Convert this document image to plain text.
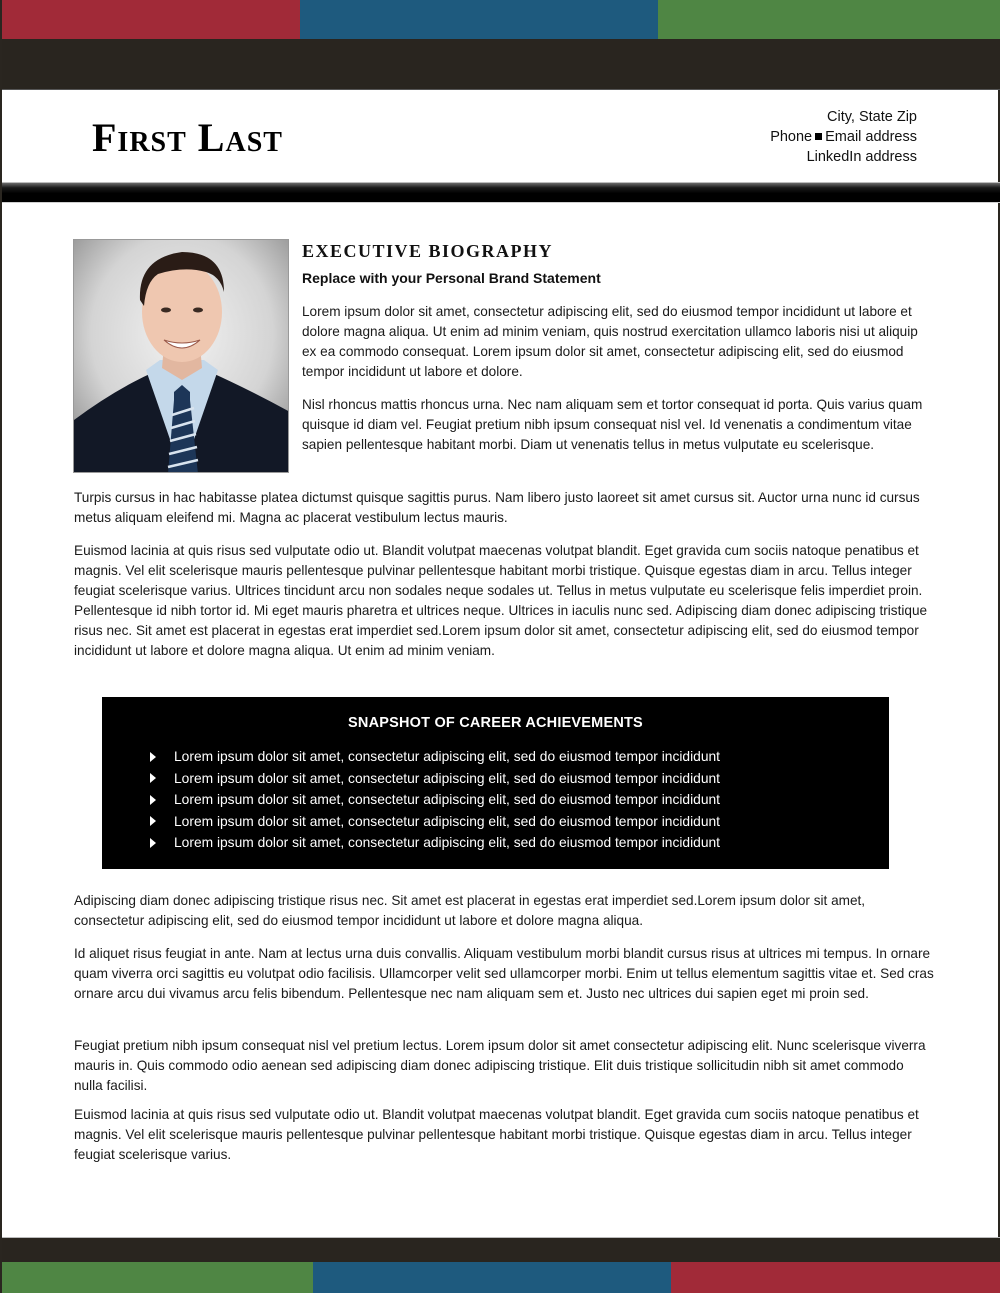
First Last	City, State Zip
Phone Email address
LinkedIn address
EXECUTIVE BIOGRAPHY
Replace with your Personal Brand Statement

Lorem ipsum dolor sit amet, consectetur adipiscing elit, sed do eiusmod tempor incididunt ut labore et dolore magna aliqua. Ut enim ad minim veniam, quis nostrud exercitation ullamco laboris nisi ut aliquip ex ea commodo consequat. Lorem ipsum dolor sit amet, consectetur adipiscing elit, sed do eiusmod tempor incididunt ut labore et dolore.

Nisl rhoncus mattis rhoncus urna. Nec nam aliquam sem et tortor consequat id porta. Quis varius quam quisque id diam vel. Feugiat pretium nibh ipsum consequat nisl vel. Id venenatis a condimentum vitae sapien pellentesque habitant morbi. Diam ut venenatis tellus in metus vulputate eu scelerisque.

Turpis cursus in hac habitasse platea dictumst quisque sagittis purus. Nam libero justo laoreet sit amet cursus sit. Auctor urna nunc id cursus metus aliquam eleifend mi. Magna ac placerat vestibulum lectus mauris.

Euismod lacinia at quis risus sed vulputate odio ut. Blandit volutpat maecenas volutpat blandit. Eget gravida cum sociis natoque penatibus et magnis. Vel elit scelerisque mauris pellentesque pulvinar pellentesque habitant morbi tristique. Quisque egestas diam in arcu. Tellus integer feugiat scelerisque varius. Ultrices tincidunt arcu non sodales neque sodales ut. Tellus in metus vulputate eu scelerisque felis imperdiet proin. Pellentesque id nibh tortor id. Mi eget mauris pharetra et ultrices neque. Ultrices in iaculis nunc sed. Adipiscing diam donec adipiscing tristique risus nec. Sit amet est placerat in egestas erat imperdiet sed.Lorem ipsum dolor sit amet, consectetur adipiscing elit, sed do eiusmod tempor incididunt ut labore et dolore magna aliqua. Ut enim ad minim veniam.

SNAPSHOT OF CAREER ACHIEVEMENTS
Lorem ipsum dolor sit amet, consectetur adipiscing elit, sed do eiusmod tempor incididunt
Lorem ipsum dolor sit amet, consectetur adipiscing elit, sed do eiusmod tempor incididunt
Lorem ipsum dolor sit amet, consectetur adipiscing elit, sed do eiusmod tempor incididunt
Lorem ipsum dolor sit amet, consectetur adipiscing elit, sed do eiusmod tempor incididunt
Lorem ipsum dolor sit amet, consectetur adipiscing elit, sed do eiusmod tempor incididunt

Adipiscing diam donec adipiscing tristique risus nec. Sit amet est placerat in egestas erat imperdiet sed.Lorem ipsum dolor sit amet, consectetur adipiscing elit, sed do eiusmod tempor incididunt ut labore et dolore magna aliqua.

Id aliquet risus feugiat in ante. Nam at lectus urna duis convallis. Aliquam vestibulum morbi blandit cursus risus at ultrices mi tempus. In ornare quam viverra orci sagittis eu volutpat odio facilisis. Ullamcorper velit sed ullamcorper morbi. Enim ut tellus elementum sagittis vitae et. Sed cras ornare arcu dui vivamus arcu felis bibendum. Pellentesque nec nam aliquam sem et. Justo nec ultrices dui sapien eget mi proin sed.

Feugiat pretium nibh ipsum consequat nisl vel pretium lectus. Lorem ipsum dolor sit amet consectetur adipiscing elit. Nunc scelerisque viverra mauris in. Quis commodo odio aenean sed adipiscing diam donec adipiscing tristique. Elit duis tristique sollicitudin nibh sit amet commodo nulla facilisi.

Euismod lacinia at quis risus sed vulputate odio ut. Blandit volutpat maecenas volutpat blandit. Eget gravida cum sociis natoque penatibus et magnis. Vel elit scelerisque mauris pellentesque pulvinar pellentesque habitant morbi tristique. Quisque egestas diam in arcu. Tellus integer feugiat scelerisque varius.
